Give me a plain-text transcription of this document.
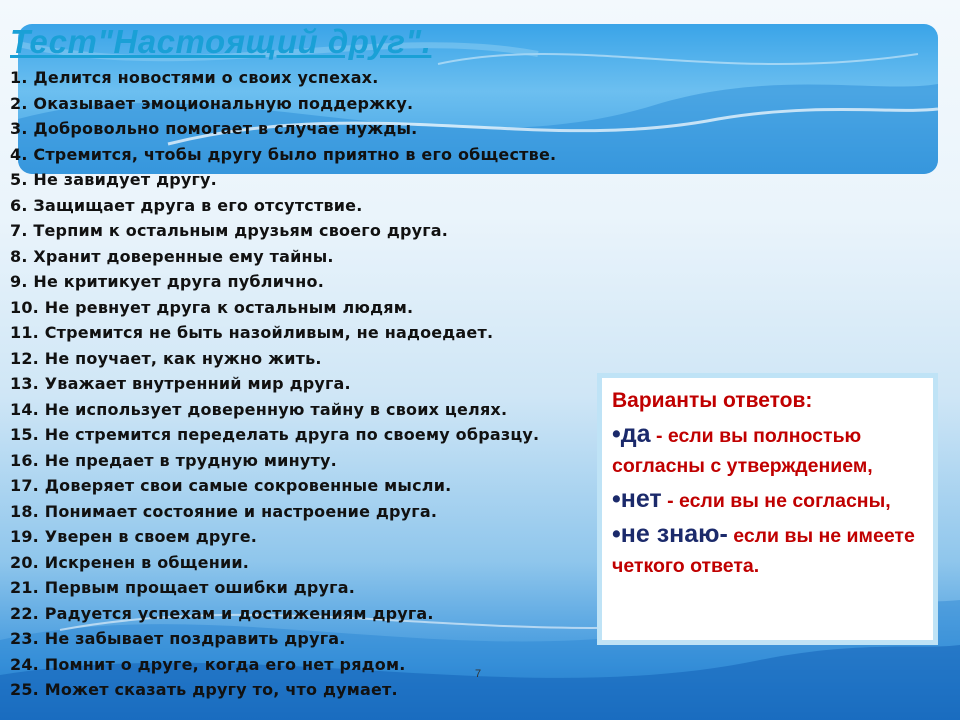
Тест"Настоящий друг".
1. Делится новостями о своих успехах.
2. Оказывает эмоциональную поддержку.
3. Добровольно помогает в случае нужды.
4. Стремится, чтобы другу было приятно в его обществе.
5. Не завидует другу.
6. Защищает друга в его отсутствие.
7. Терпим к остальным друзьям своего друга.
8. Хранит доверенные ему тайны.
9. Не критикует друга публично.
10. Не ревнует друга к остальным людям.
11. Стремится не быть назойливым, не надоедает.
12. Не поучает, как нужно жить.
13. Уважает внутренний мир друга.
14. Не использует доверенную тайну в своих целях.
15. Не стремится переделать друга по своему образцу.
16. Не предает в трудную минуту.
17. Доверяет свои самые сокровенные мысли.
18. Понимает состояние и настроение друга.
19. Уверен в своем друге.
20. Искренен в общении.
21. Первым прощает ошибки друга.
22. Радуется успехам и достижениям друга.
23. Не забывает поздравить друга.
24. Помнит о друге, когда его нет рядом.
25. Может сказать другу то, что думает.
Варианты ответов:
•да - если вы полностью согласны с утверждением,
•нет - если вы не согласны,
•не знаю- если вы не имеете четкого ответа.
7
